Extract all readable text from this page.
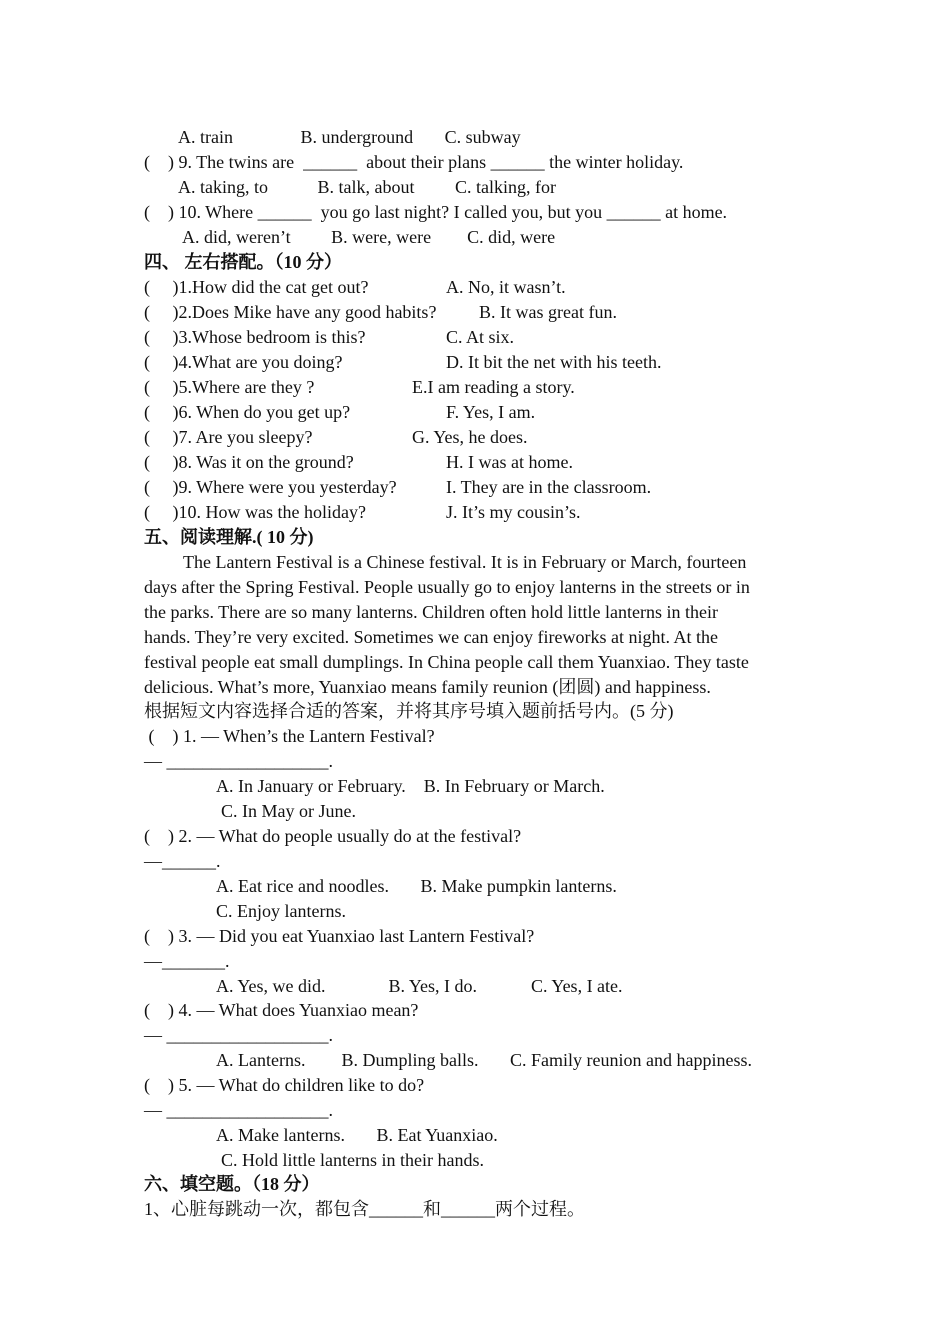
A. train               B. underground       C. subway
(    ) 9. The twins are  ______  about their plans ______ the winter holiday.
A. taking, to           B. talk, about         C. talking, for
(    ) 10. Where ______  you go last night? I called you, but you ______ at home.
A. did, weren’t         B. were, were        C. did, were
四、 左右搭配。（10 分）
(     )1.How did the cat get out?	A. No, it wasn’t.
(     )2.Does Mike have any good habits? B. It was great fun.
(     )3.Whose bedroom is this?	C. At six.
(     )4.What are you doing?	D. It bit the net with his teeth.
(     )5.Where are they ?	E.I am reading a story.
(     )6. When do you get up?	F. Yes, I am.
(     )7. Are you sleepy?	G. Yes, he does.
(     )8. Was it on the ground?	H. I was at home.
(     )9. Where were you yesterday?	I. They are in the classroom.
(     )10. How was the holiday?	J. It’s my cousin’s.
五、阅读理解.( 10 分)
The Lantern Festival is a Chinese festival. It is in February or March, fourteen
days after the Spring Festival. People usually go to enjoy lanterns in the streets or in
the parks. There are so many lanterns. Children often hold little lanterns in their
hands. They’re very excited. Sometimes we can enjoy fireworks at night. At the
festival people eat small dumplings. In China people call them Yuanxiao. They taste
delicious. What’s more, Yuanxiao means family reunion (团圆) and happiness.
根据短文内容选择合适的答案，并将其序号填入题前括号内。(5 分)
(    ) 1. — When’s the Lantern Festival?
— __________________.
A. In January or February.    B. In February or March.
C. In May or June.
(    ) 2. — What do people usually do at the festival?
—______.
A. Eat rice and noodles.       B. Make pumpkin lanterns.
C. Enjoy lanterns.
(    ) 3. — Did you eat Yuanxiao last Lantern Festival?
—_______.
A. Yes, we did.              B. Yes, I do.            C. Yes, I ate.
(    ) 4. — What does Yuanxiao mean?
— __________________.
A. Lanterns.        B. Dumpling balls.       C. Family reunion and happiness.
(    ) 5. — What do children like to do?
— __________________.
A. Make lanterns.       B. Eat Yuanxiao.
C. Hold little lanterns in their hands.
六、填空题。（18 分）
1、心脏每跳动一次，都包含______和______两个过程。
